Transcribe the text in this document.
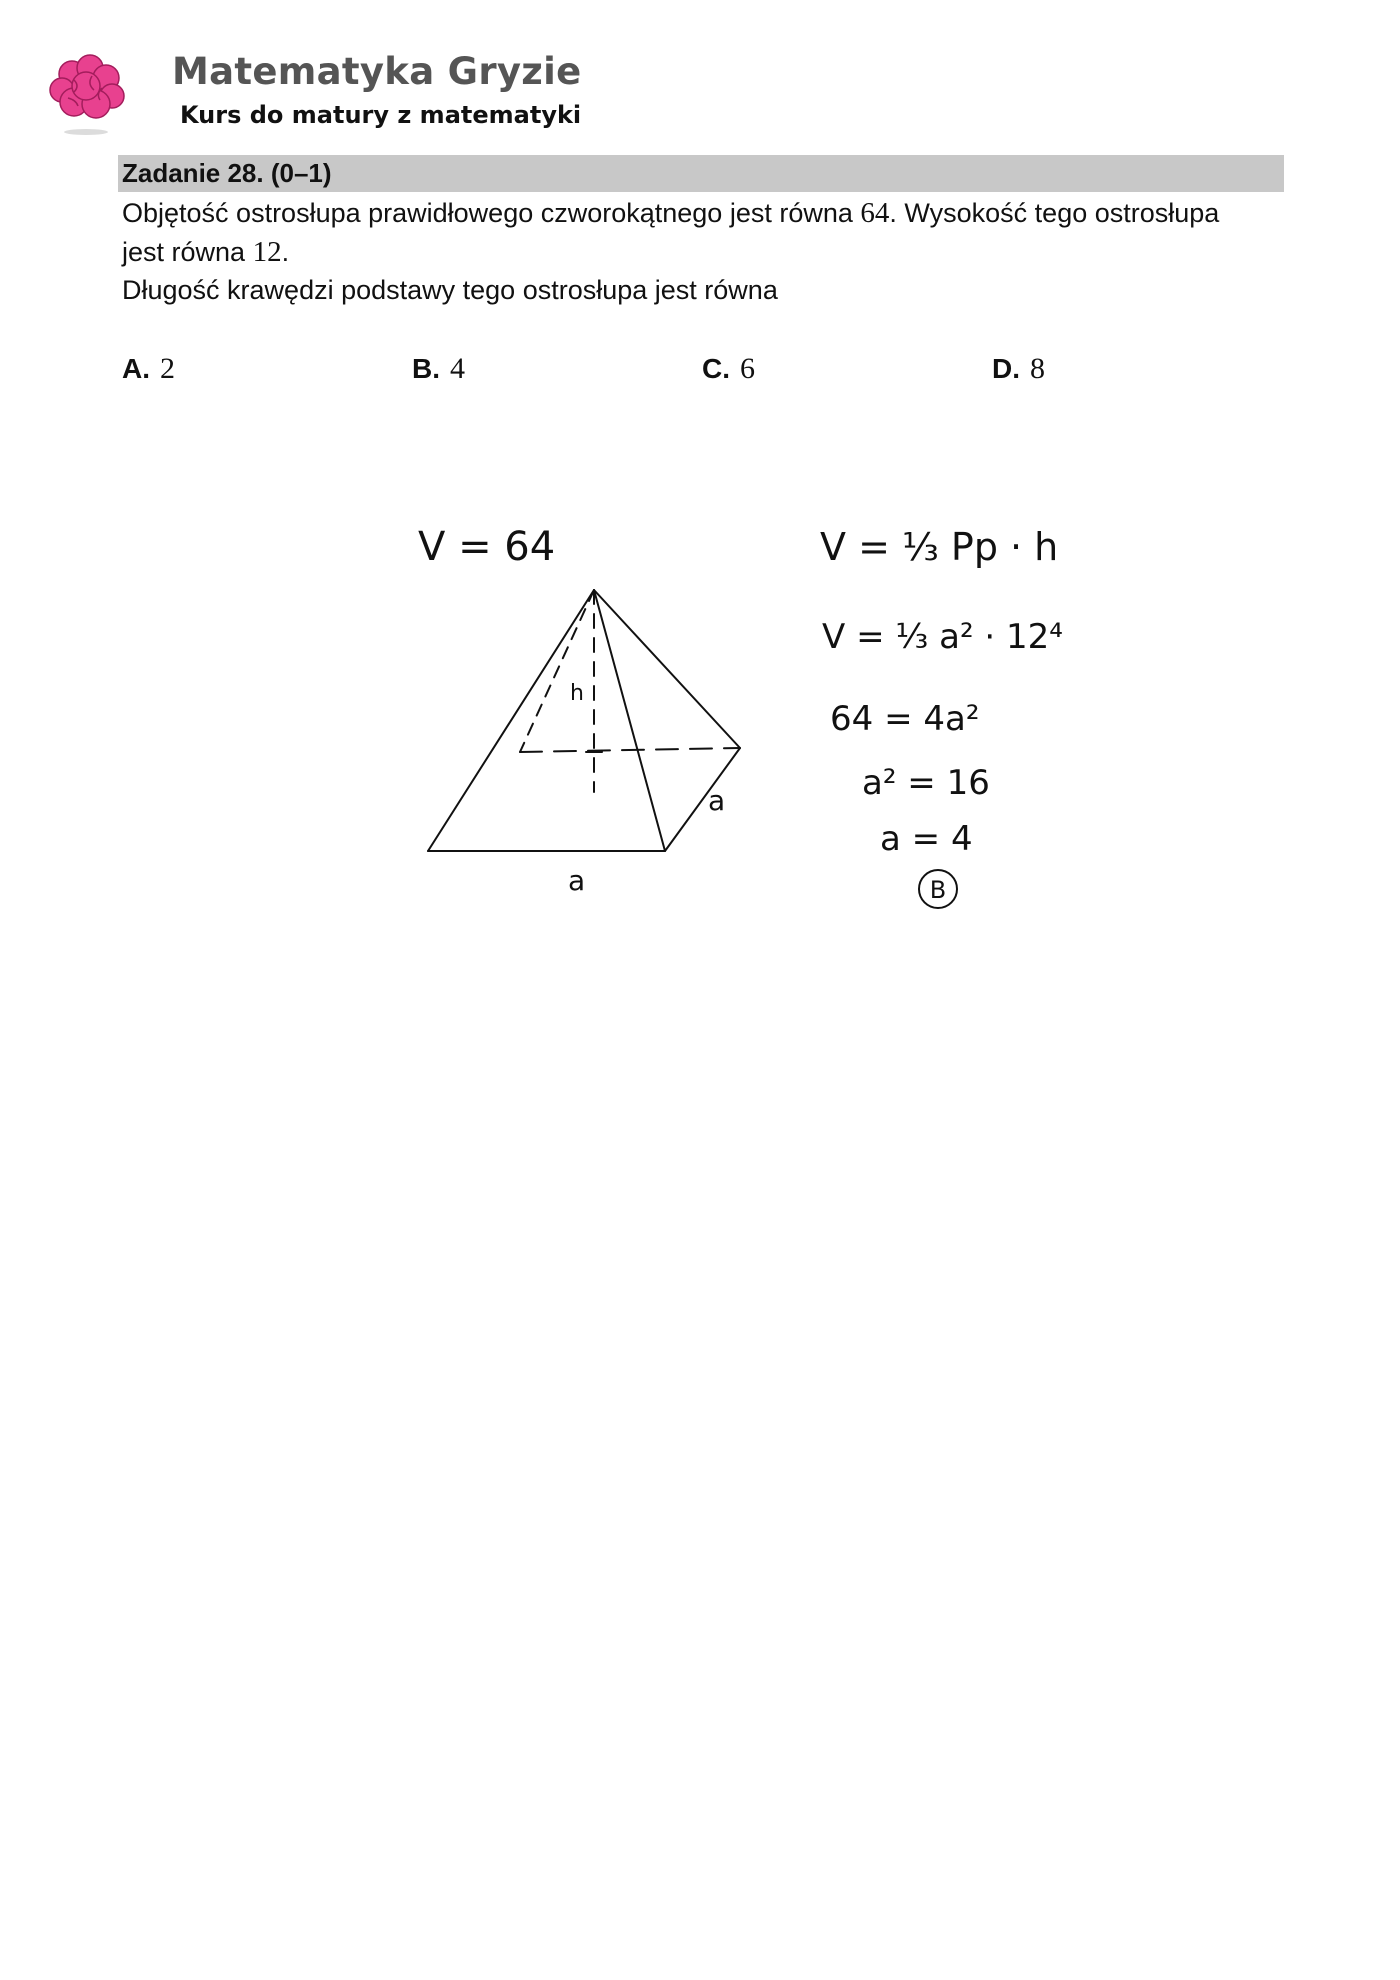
Matematyka Gryzie
Kurs do matury z matematyki
Zadanie 28. (0–1)
Objętość ostrosłupa prawidłowego czworokątnego jest równa 64. Wysokość tego ostrosłupa
jest równa 12.
Długość krawędzi podstawy tego ostrosłupa jest równa
A. 2	B. 4	C. 6	D. 8
h
a
a
V = 64	V = ⅓ Pp · h
V = ⅓ a² · 12⁴
64 = 4a²
a² = 16
a = 4
B
